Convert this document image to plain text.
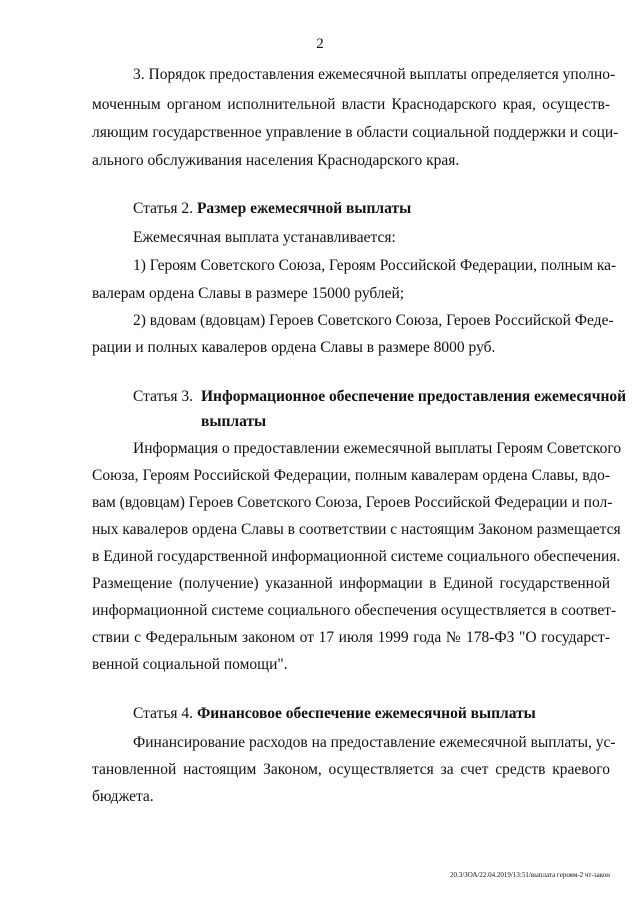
2
3. Порядок предоставления ежемесячной выплаты определяется уполно-
моченным органом исполнительной власти Краснодарского края, осуществ-
ляющим государственное управление в области социальной поддержки и соци-
ального обслуживания населения Краснодарского края.
Статья 2. Размер ежемесячной выплаты
Ежемесячная выплата устанавливается:
1) Героям Советского Союза, Героям Российской Федерации, полным ка-
валерам ордена Славы в размере 15000 рублей;
2) вдовам (вдовцам) Героев Советского Союза, Героев Российской Феде-
рации и полных кавалеров ордена Славы в размере 8000 руб.
Статья 3. Информационное обеспечение предоставления ежемесячной
выплаты
Информация о предоставлении ежемесячной выплаты Героям Советского
Союза, Героям Российской Федерации, полным кавалерам ордена Славы, вдо-
вам (вдовцам) Героев Советского Союза, Героев Российской Федерации и пол-
ных кавалеров ордена Славы в соответствии с настоящим Законом размещается
в Единой государственной информационной системе социального обеспечения.
Размещение (получение) указанной информации в Единой государственной
информационной системе социального обеспечения осуществляется в соответ-
ствии с Федеральным законом от 17 июля 1999 года № 178-ФЗ "О государст-
венной социальной помощи".
Статья 4. Финансовое обеспечение ежемесячной выплаты
Финансирование расходов на предоставление ежемесячной выплаты, ус-
тановленной настоящим Законом, осуществляется за счет средств краевого
бюджета.
20.3/ЗОА/22.04.2019/13:51/выплата героям-2 чт-закон
